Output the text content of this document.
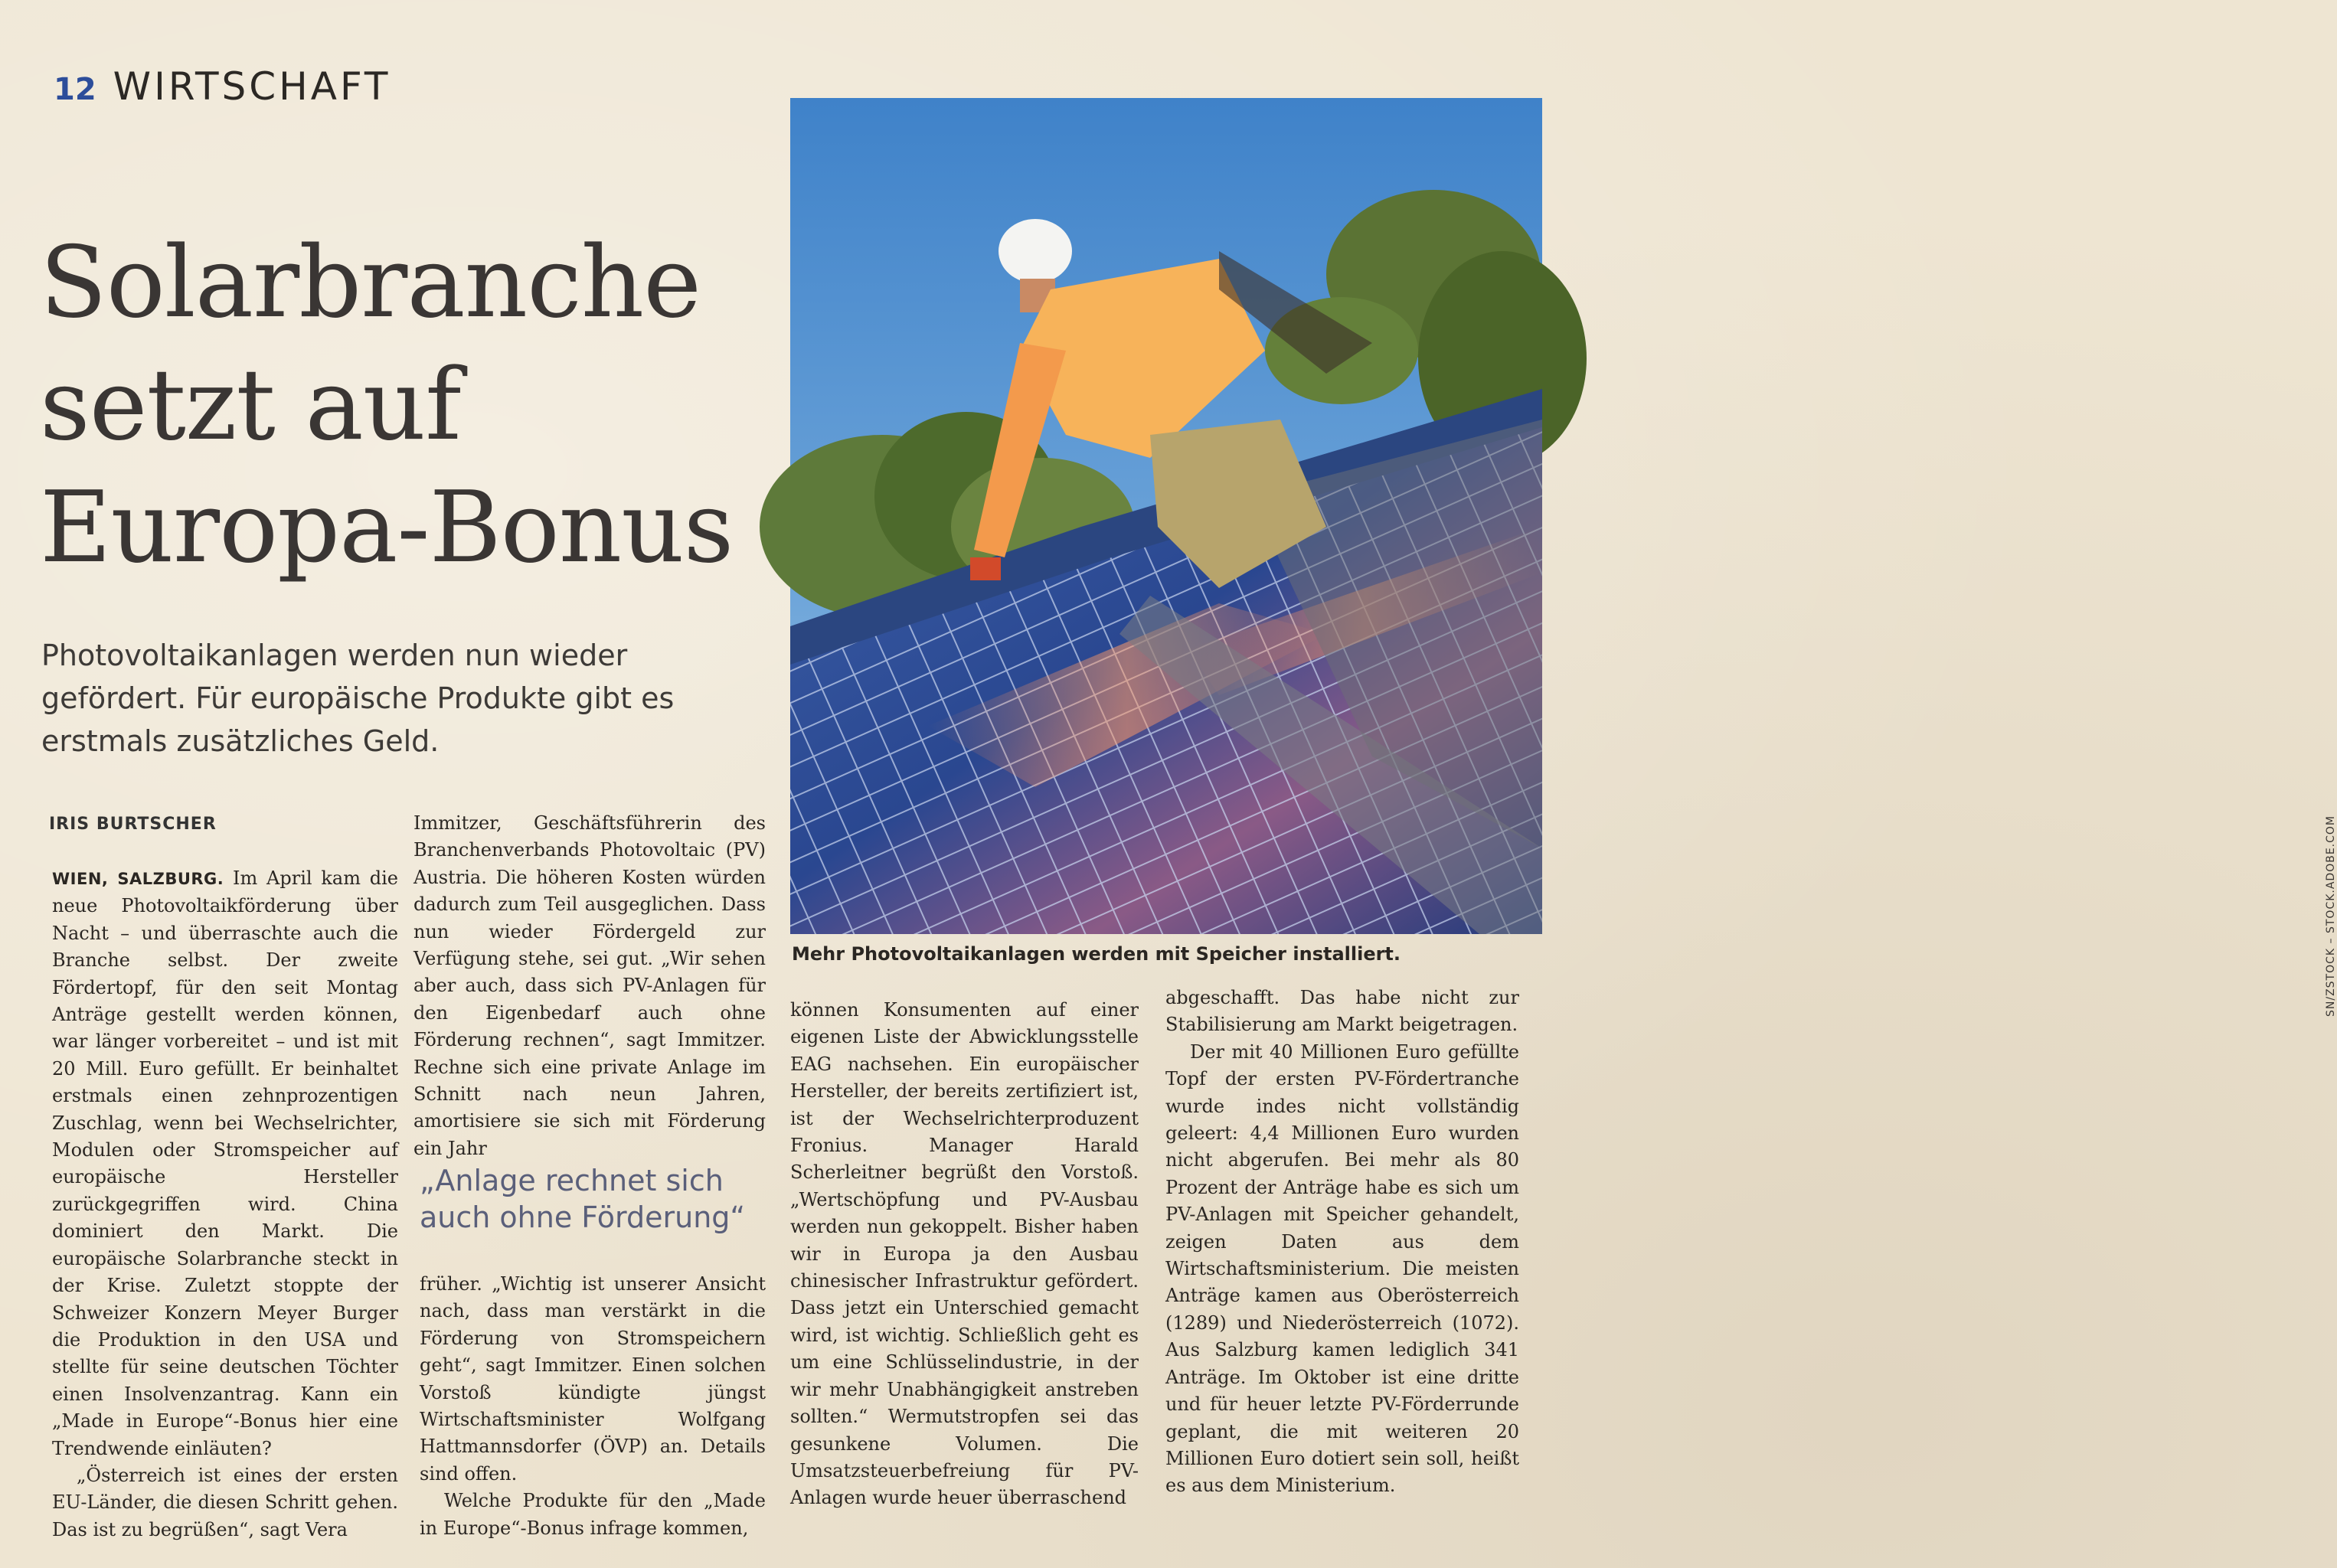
12 WIRTSCHAFT
Solarbranche setzt auf Europa-Bonus

Photovoltaikanlagen werden nun wieder gefördert. Für europäische Produkte gibt es erstmals zusätzliches Geld.

IRIS BURTSCHER

WIEN, SALZBURG. Im April kam die neue Photovoltaikförderung über Nacht – und überraschte auch die Branche selbst. Der zweite Fördertopf, für den seit Montag Anträge gestellt werden können, war länger vorbereitet – und ist mit 20 Mill. Euro gefüllt. Er beinhaltet erstmals einen zehnprozentigen Zuschlag, wenn bei Wechselrichter, Modulen oder Stromspeicher auf europäische Hersteller zurückgegriffen wird. China dominiert den Markt. Die europäische Solarbranche steckt in der Krise. Zuletzt stoppte der Schweizer Konzern Meyer Burger die Produktion in den USA und stellte für seine deutschen Töchter einen Insolvenzantrag. Kann ein „Made in Europe“-Bonus hier eine Trendwende einläuten?

„Österreich ist eines der ersten EU-Länder, die diesen Schritt gehen. Das ist zu begrüßen“, sagt Vera

Immitzer, Geschäftsführerin des Branchenverbands Photovoltaic (PV) Austria. Die höheren Kosten würden dadurch zum Teil ausgeglichen. Dass nun wieder Fördergeld zur Verfügung stehe, sei gut. „Wir sehen aber auch, dass sich PV-Anlagen für den Eigenbedarf auch ohne Förderung rechnen“, sagt Immitzer. Rechne sich eine private Anlage im Schnitt nach neun Jahren, amortisiere sie sich mit Förderung ein Jahr

„Anlage rechnet sich auch ohne Förderung“

früher. „Wichtig ist unserer Ansicht nach, dass man verstärkt in die Förderung von Stromspeichern geht“, sagt Immitzer. Einen solchen Vorstoß kündigte jüngst Wirtschaftsminister Wolfgang Hattmannsdorfer (ÖVP) an. Details sind offen.

Welche Produkte für den „Made in Europe“-Bonus infrage kommen,

können Konsumenten auf einer eigenen Liste der Abwicklungsstelle EAG nachsehen. Ein europäischer Hersteller, der bereits zertifiziert ist, ist der Wechselrichterproduzent Fronius. Manager Harald Scherleitner begrüßt den Vorstoß. „Wertschöpfung und PV-Ausbau werden nun gekoppelt. Bisher haben wir in Europa ja den Ausbau chinesischer Infrastruktur gefördert. Dass jetzt ein Unterschied gemacht wird, ist wichtig. Schließlich geht es um eine Schlüsselindustrie, in der wir mehr Unabhängigkeit anstreben sollten.“ Wermutstropfen sei das gesunkene Volumen. Die Umsatzsteuerbefreiung für PV-Anlagen wurde heuer überraschend

abgeschafft. Das habe nicht zur Stabilisierung am Markt beigetragen.

Der mit 40 Millionen Euro gefüllte Topf der ersten PV-Fördertranche wurde indes nicht vollständig geleert: 4,4 Millionen Euro wurden nicht abgerufen. Bei mehr als 80 Prozent der Anträge habe es sich um PV-Anlagen mit Speicher gehandelt, zeigen Daten aus dem Wirtschaftsministerium. Die meisten Anträge kamen aus Oberösterreich (1289) und Niederösterreich (1072). Aus Salzburg kamen lediglich 341 Anträge. Im Oktober ist eine dritte und für heuer letzte PV-Förderrunde geplant, die mit weiteren 20 Millionen Euro dotiert sein soll, heißt es aus dem Ministerium.

SN/ZSTOCK – STOCK.ADOBE.COM
Mehr Photovoltaikanlagen werden mit Speicher installiert.
